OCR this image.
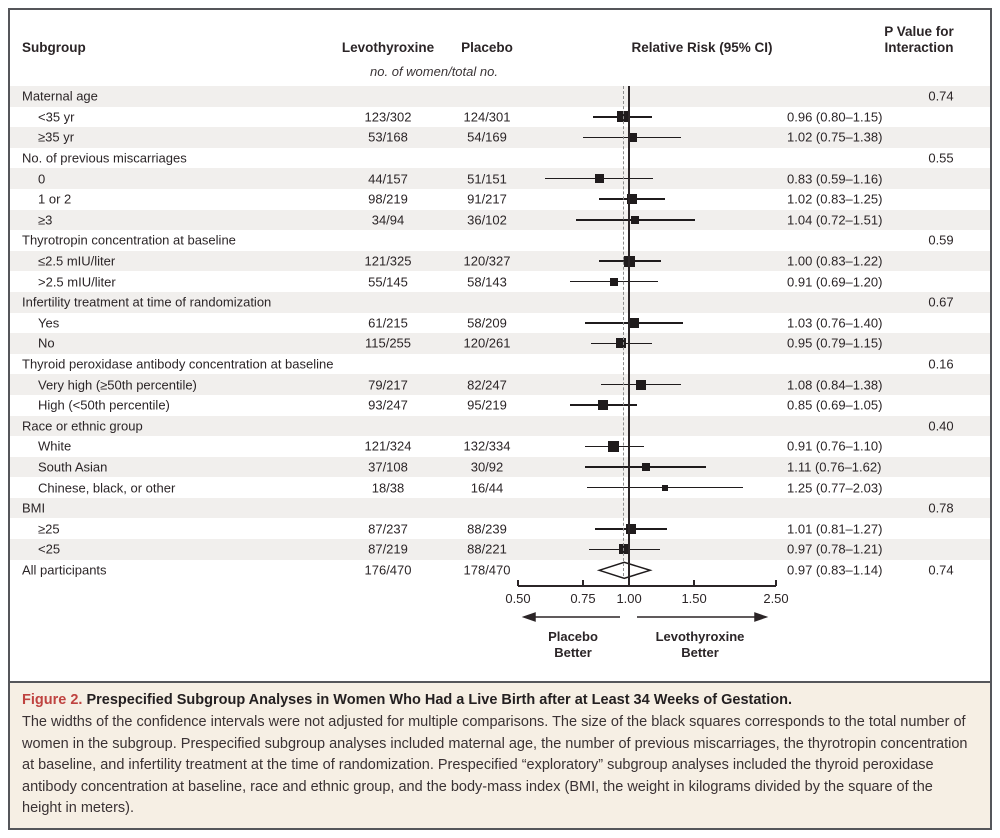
Subgroup	Levothyroxine	Placebo	Relative Risk (95% CI)
P Value for
Interaction
no. of women/total no.
Maternal age	0.74
<35 yr	123/302	124/301	0.96 (0.80–1.15)
≥35 yr	53/168	54/169	1.02 (0.75–1.38)
No. of previous miscarriages	0.55
0	44/157	51/151	0.83 (0.59–1.16)
1 or 2	98/219	91/217	1.02 (0.83–1.25)
≥3	34/94	36/102	1.04 (0.72–1.51)
Thyrotropin concentration at baseline	0.59
≤2.5 mIU/liter	121/325	120/327	1.00 (0.83–1.22)
>2.5 mIU/liter	55/145	58/143	0.91 (0.69–1.20)
Infertility treatment at time of randomization	0.67
Yes	61/215	58/209	1.03 (0.76–1.40)
No	115/255	120/261	0.95 (0.79–1.15)
Thyroid peroxidase antibody concentration at baseline	0.16
Very high (≥50th percentile)	79/217	82/247	1.08 (0.84–1.38)
High (<50th percentile)	93/247	95/219	0.85 (0.69–1.05)
Race or ethnic group	0.40
White	121/324	132/334	0.91 (0.76–1.10)
South Asian	37/108	30/92	1.11 (0.76–1.62)
Chinese, black, or other	18/38	16/44	1.25 (0.77–2.03)
BMI	0.78
≥25	87/237	88/239	1.01 (0.81–1.27)
<25	87/219	88/221	0.97 (0.78–1.21)
All participants	176/470	178/470	0.97 (0.83–1.14)	0.74
0.50	0.75	1.00	1.50	2.50
Placebo
Better
Levothyroxine
Better
Figure 2. Prespecified Subgroup Analyses in Women Who Had a Live Birth after at Least 34 Weeks of Gestation.
The widths of the confidence intervals were not adjusted for multiple comparisons. The size of the black squares corresponds to the total number of women in the subgroup. Prespecified subgroup analyses included maternal age, the number of previous miscarriages, the thyrotropin concentration at baseline, and infertility treatment at the time of randomization. Prespecified “exploratory” subgroup analyses included the thyroid peroxidase antibody concentration at baseline, race and ethnic group, and the body-mass index (BMI, the weight in kilograms divided by the square of the height in meters).
